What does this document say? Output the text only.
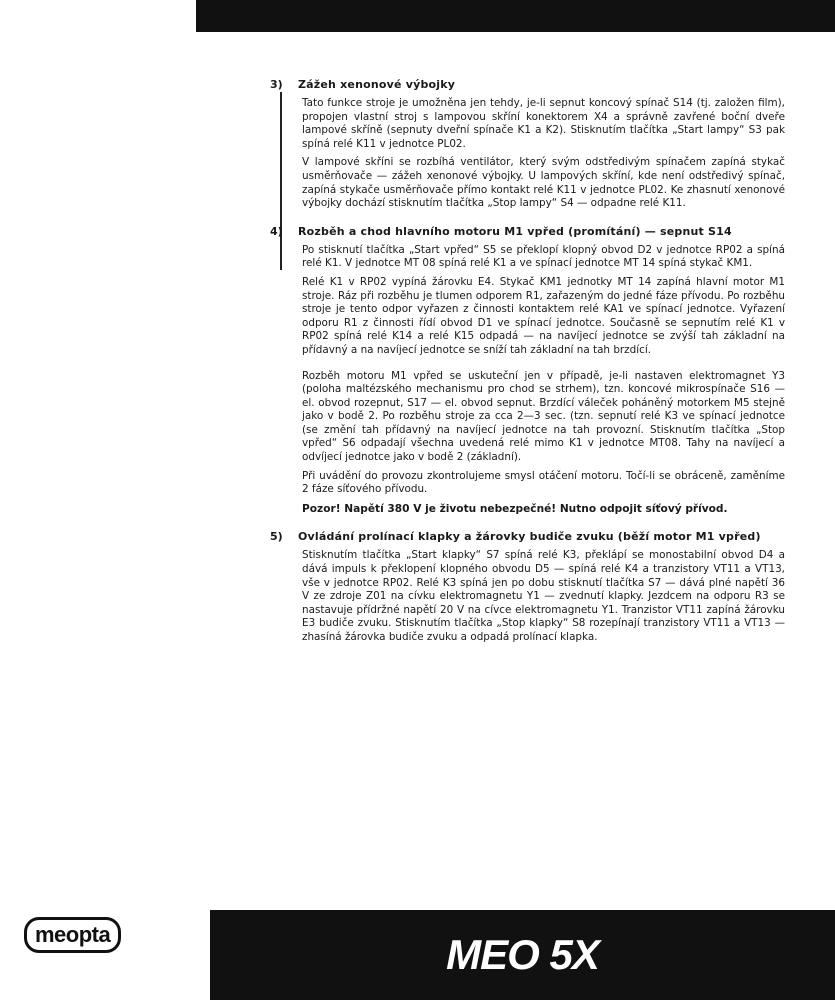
3) Zážeh xenonové výbojky

Tato funkce stroje je umožněna jen tehdy, je-li sepnut koncový spínač S14 (tj. založen film), propojen vlastní stroj s lampovou skříní konektorem X4 a správně zavřené boční dveře lampové skříně (sepnuty dveřní spínače K1 a K2). Stisknutím tlačítka „Start lampy“ S3 pak spíná relé K11 v jednotce PL02.

V lampové skříni se rozbíhá ventilátor, který svým odstředivým spínačem zapíná stykač usměrňovače — zážeh xenonové výbojky. U lampových skříní, kde není odstředivý spínač, zapíná stykače usměrňovače přímo kontakt relé K11 v jednotce PL02. Ke zhasnutí xenonové výbojky dochází stisknutím tlačítka „Stop lampy“ S4 — odpadne relé K11.

4) Rozběh a chod hlavního motoru M1 vpřed (promítání) — sepnut S14

Po stisknutí tlačítka „Start vpřed“ S5 se překlopí klopný obvod D2 v jednotce RP02 a spíná relé K1. V jednotce MT 08 spíná relé K1 a ve spínací jednotce MT 14 spíná stykač KM1.

Relé K1 v RP02 vypíná žárovku E4. Stykač KM1 jednotky MT 14 zapíná hlavní motor M1 stroje. Ráz při rozběhu je tlumen odporem R1, zařazeným do jedné fáze přívodu. Po rozběhu stroje je tento odpor vyřazen z činnosti kontaktem relé KA1 ve spínací jednotce. Vyřazení odporu R1 z činnosti řídí obvod D1 ve spínací jednotce. Současně se sepnutím relé K1 v RP02 spíná relé K14 a relé K15 odpadá — na navíjecí jednotce se zvýší tah základní na přídavný a na navíjecí jednotce se sníží tah základní na tah brzdící.

Rozběh motoru M1 vpřed se uskuteční jen v případě, je-li nastaven elektromagnet Y3 (poloha maltézského mechanismu pro chod se strhem), tzn. koncové mikrospínače S16 — el. obvod rozepnut, S17 — el. obvod sepnut. Brzdící váleček poháněný motorkem M5 stejně jako v bodě 2. Po rozběhu stroje za cca 2—3 sec. (tzn. sepnutí relé K3 ve spínací jednotce (se změní tah přídavný na navíjecí jednotce na tah provozní. Stisknutím tlačítka „Stop vpřed“ S6 odpadají všechna uvedená relé mimo K1 v jednotce MT08. Tahy na navíjecí a odvíjecí jednotce jako v bodě 2 (základní).

Při uvádění do provozu zkontrolujeme smysl otáčení motoru. Točí-li se obráceně, zaměníme 2 fáze síťového přívodu.

Pozor! Napětí 380 V je životu nebezpečné! Nutno odpojit síťový přívod.

5) Ovládání prolínací klapky a žárovky budiče zvuku (běží motor M1 vpřed)

Stisknutím tlačítka „Start klapky“ S7 spíná relé K3, překlápí se monostabilní obvod D4 a dává impuls k překlopení klopného obvodu D5 — spíná relé K4 a tranzistory VT11 a VT13, vše v jednotce RP02. Relé K3 spíná jen po dobu stisknutí tlačítka S7 — dává plné napětí 36 V ze zdroje Z01 na cívku elektromagnetu Y1 — zvednutí klapky. Jezdcem na odporu R3 se nastavuje přídržné napětí 20 V na cívce elektromagnetu Y1. Tranzistor VT11 zapíná žárovku E3 budiče zvuku. Stisknutím tlačítka „Stop klapky“ S8 rozepínají tranzistory VT11 a VT13 — zhasíná žárovka budiče zvuku a odpadá prolínací klapka.

meopta	MEO 5X
